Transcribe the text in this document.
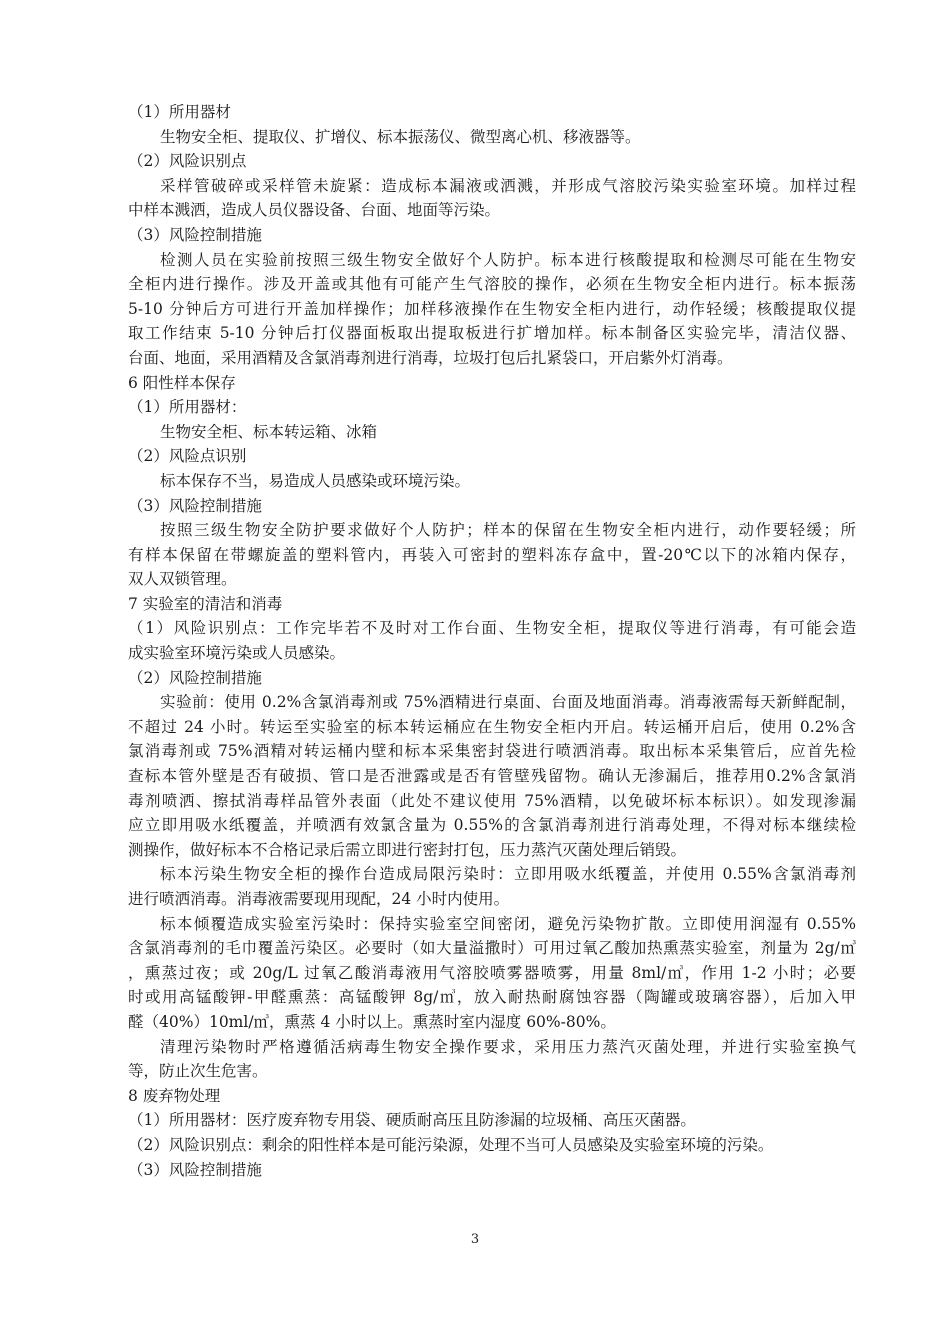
（1）所用器材
生物安全柜、提取仪、扩增仪、标本振荡仪、微型离心机、移液器等。
（2）风险识别点
采样管破碎或采样管未旋紧：造成标本漏液或洒溅，并形成气溶胶污染实验室环境。加样过程
中样本溅洒，造成人员仪器设备、台面、地面等污染。
（3）风险控制措施
检测人员在实验前按照三级生物安全做好个人防护。标本进行核酸提取和检测尽可能在生物安
全柜内进行操作。涉及开盖或其他有可能产生气溶胶的操作，必须在生物安全柜内进行。标本振荡
5-10 分钟后方可进行开盖加样操作；加样移液操作在生物安全柜内进行，动作轻缓；核酸提取仪提
取工作结束 5-10 分钟后打仪器面板取出提取板进行扩增加样。标本制备区实验完毕，清洁仪器、
台面、地面，采用酒精及含氯消毒剂进行消毒，垃圾打包后扎紧袋口，开启紫外灯消毒。
6 阳性样本保存
（1）所用器材：
生物安全柜、标本转运箱、冰箱
（2）风险点识别
标本保存不当，易造成人员感染或环境污染。
（3）风险控制措施
按照三级生物安全防护要求做好个人防护；样本的保留在生物安全柜内进行，动作要轻缓；所
有样本保留在带螺旋盖的塑料管内，再装入可密封的塑料冻存盒中，置-20℃以下的冰箱内保存，
双人双锁管理。
7 实验室的清洁和消毒
（1）风险识别点：工作完毕若不及时对工作台面、生物安全柜，提取仪等进行消毒，有可能会造
成实验室环境污染或人员感染。
（2）风险控制措施
实验前：使用 0.2%含氯消毒剂或 75%酒精进行桌面、台面及地面消毒。消毒液需每天新鲜配制，
不超过 24 小时。转运至实验室的标本转运桶应在生物安全柜内开启。转运桶开启后，使用 0.2%含
氯消毒剂或 75%酒精对转运桶内壁和标本采集密封袋进行喷洒消毒。取出标本采集管后，应首先检
查标本管外壁是否有破损、管口是否泄露或是否有管壁残留物。确认无渗漏后，推荐用0.2%含氯消
毒剂喷洒、擦拭消毒样品管外表面（此处不建议使用 75%酒精，以免破坏标本标识）。如发现渗漏
应立即用吸水纸覆盖，并喷洒有效氯含量为 0.55%的含氯消毒剂进行消毒处理，不得对标本继续检
测操作，做好标本不合格记录后需立即进行密封打包，压力蒸汽灭菌处理后销毁。
标本污染生物安全柜的操作台造成局限污染时：立即用吸水纸覆盖，并使用 0.55%含氯消毒剂
进行喷洒消毒。消毒液需要现用现配，24 小时内使用。
标本倾覆造成实验室污染时：保持实验室空间密闭，避免污染物扩散。立即使用润湿有 0.55%
含氯消毒剂的毛巾覆盖污染区。必要时（如大量溢撒时）可用过氧乙酸加热熏蒸实验室，剂量为 2g/㎥
，熏蒸过夜；或 20g/L 过氧乙酸消毒液用气溶胶喷雾器喷雾，用量 8ml/㎥，作用 1-2 小时；必要
时或用高锰酸钾-甲醛熏蒸：高锰酸钾 8g/㎥，放入耐热耐腐蚀容器（陶罐或玻璃容器），后加入甲
醛（40%）10ml/㎥，熏蒸 4 小时以上。熏蒸时室内湿度 60%-80%。
清理污染物时严格遵循活病毒生物安全操作要求，采用压力蒸汽灭菌处理，并进行实验室换气
等，防止次生危害。
8 废弃物处理
（1）所用器材：医疗废弃物专用袋、硬质耐高压且防渗漏的垃圾桶、高压灭菌器。
（2）风险识别点：剩余的阳性样本是可能污染源，处理不当可人员感染及实验室环境的污染。
（3）风险控制措施
3
